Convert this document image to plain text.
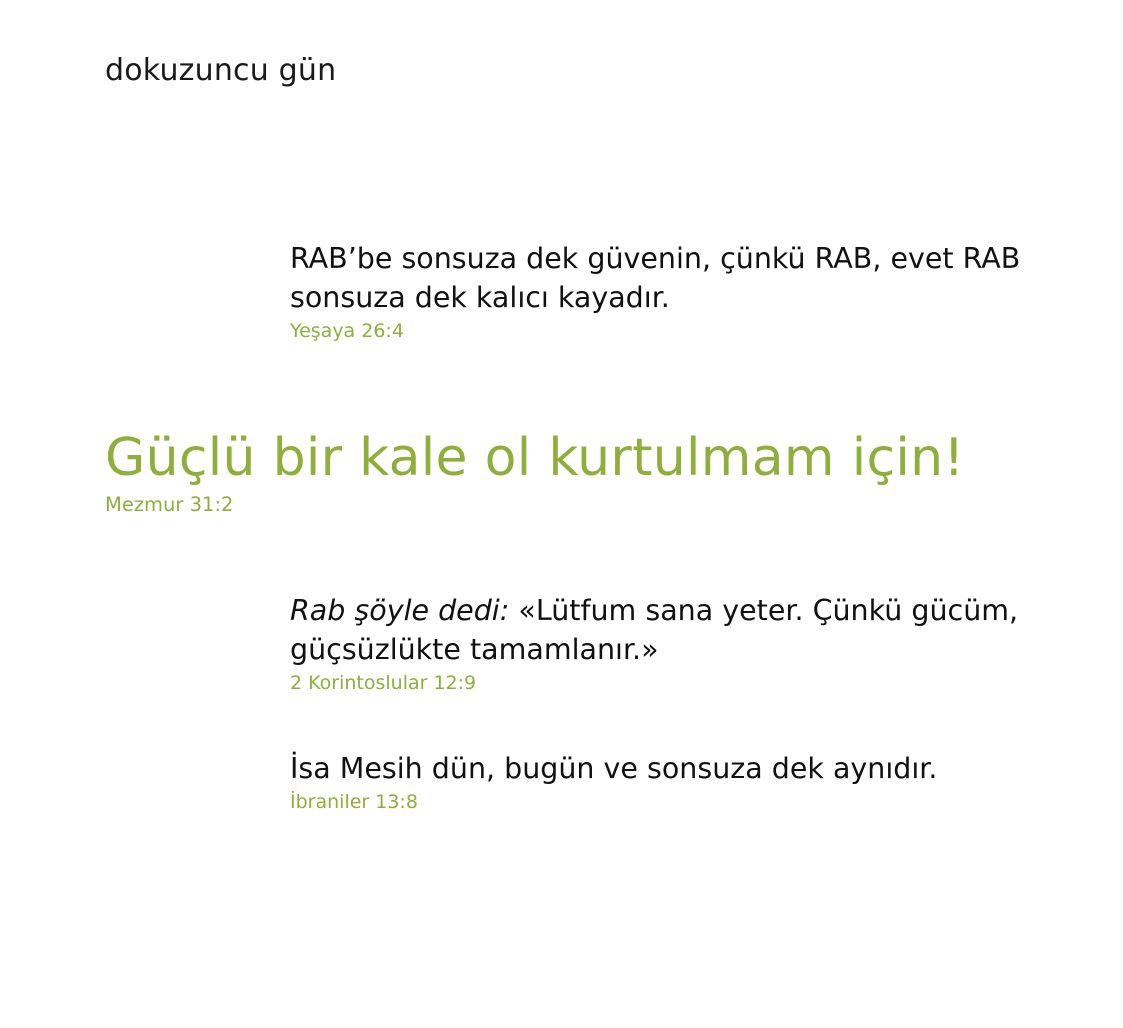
dokuzuncu gün
RAB’be sonsuza dek güvenin, çünkü RAB, evet RAB sonsuza dek kalıcı kayadır.
Yeşaya 26:4
Güçlü bir kale ol kurtulmam için!
Mezmur 31:2
Rab şöyle dedi: «Lütfum sana yeter. Çünkü gücüm, güçsüzlükte tamamlanır.»
2 Korintoslular 12:9
İsa Mesih dün, bugün ve sonsuza dek aynıdır.
İbraniler 13:8
